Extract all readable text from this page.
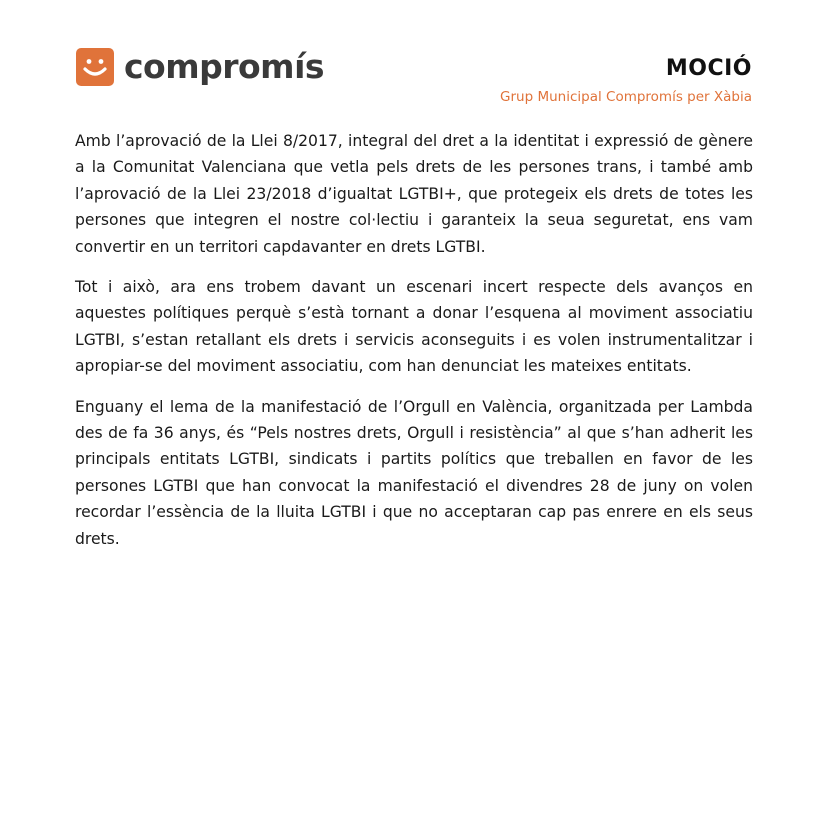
compromís	MOCIÓ
Grup Municipal Compromís per Xàbia

Amb l’aprovació de la Llei 8/2017, integral del dret a la identitat i expressió de gènere a la Comunitat Valenciana que vetla pels drets de les persones trans, i també amb l’aprovació de la Llei 23/2018 d’igualtat LGTBI+, que protegeix els drets de totes les persones que integren el nostre col·lectiu i garanteix la seua seguretat, ens vam convertir en un territori capdavanter en drets LGTBI.

Tot i això, ara ens trobem davant un escenari incert respecte dels avanços en aquestes polítiques perquè s’està tornant a donar l’esquena al moviment associatiu LGTBI, s’estan retallant els drets i servicis aconseguits i es volen instrumentalitzar i apropiar-se del moviment associatiu, com han denunciat les mateixes entitats.

Enguany el lema de la manifestació de l’Orgull en València, organitzada per Lambda des de fa 36 anys, és “Pels nostres drets, Orgull i resistència” al que s’han adherit les principals entitats LGTBI, sindicats i partits polítics que treballen en favor de les persones LGTBI que han convocat la manifestació el divendres 28 de juny on volen recordar l’essència de la lluita LGTBI i que no acceptaran cap pas enrere en els seus drets.
